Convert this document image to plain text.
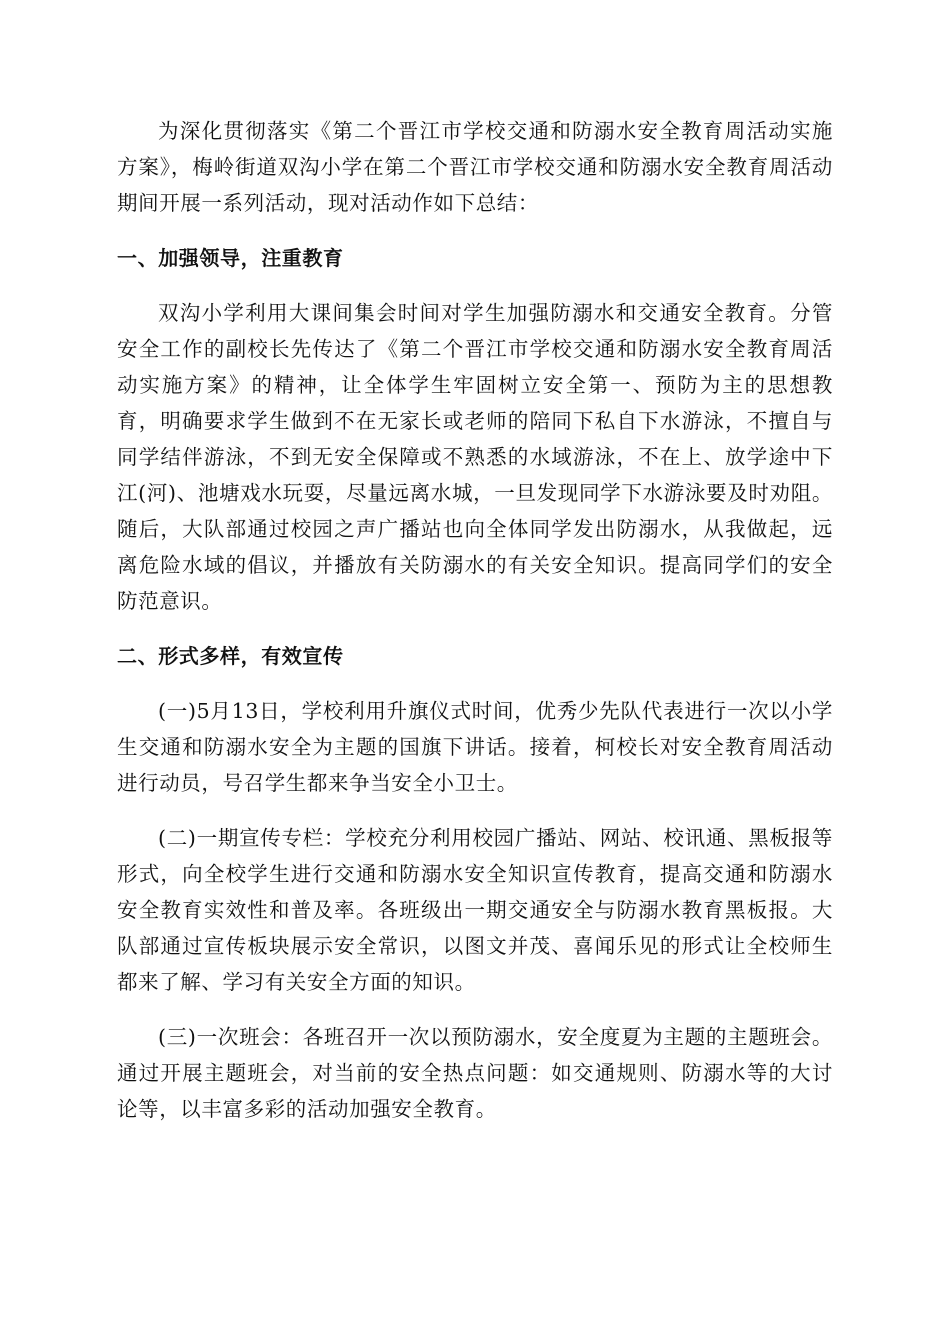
为深化贯彻落实《第二个晋江市学校交通和防溺水安全教育周活动实施方案》，梅岭街道双沟小学在第二个晋江市学校交通和防溺水安全教育周活动期间开展一系列活动，现对活动作如下总结：

一、加强领导，注重教育

双沟小学利用大课间集会时间对学生加强防溺水和交通安全教育。分管安全工作的副校长先传达了《第二个晋江市学校交通和防溺水安全教育周活动实施方案》的精神，让全体学生牢固树立安全第一、预防为主的思想教育，明确要求学生做到不在无家长或老师的陪同下私自下水游泳，不擅自与同学结伴游泳，不到无安全保障或不熟悉的水域游泳，不在上、放学途中下江(河)、池塘戏水玩耍，尽量远离水城，一旦发现同学下水游泳要及时劝阻。随后，大队部通过校园之声广播站也向全体同学发出防溺水，从我做起，远离危险水域的倡议，并播放有关防溺水的有关安全知识。提高同学们的安全防范意识。

二、形式多样，有效宣传

(一)5月13日，学校利用升旗仪式时间，优秀少先队代表进行一次以小学生交通和防溺水安全为主题的国旗下讲话。接着，柯校长对安全教育周活动进行动员，号召学生都来争当安全小卫士。

(二)一期宣传专栏：学校充分利用校园广播站、网站、校讯通、黑板报等形式，向全校学生进行交通和防溺水安全知识宣传教育，提高交通和防溺水安全教育实效性和普及率。各班级出一期交通安全与防溺水教育黑板报。大队部通过宣传板块展示安全常识，以图文并茂、喜闻乐见的形式让全校师生都来了解、学习有关安全方面的知识。

(三)一次班会：各班召开一次以预防溺水，安全度夏为主题的主题班会。通过开展主题班会，对当前的安全热点问题：如交通规则、防溺水等的大讨论等，以丰富多彩的活动加强安全教育。
